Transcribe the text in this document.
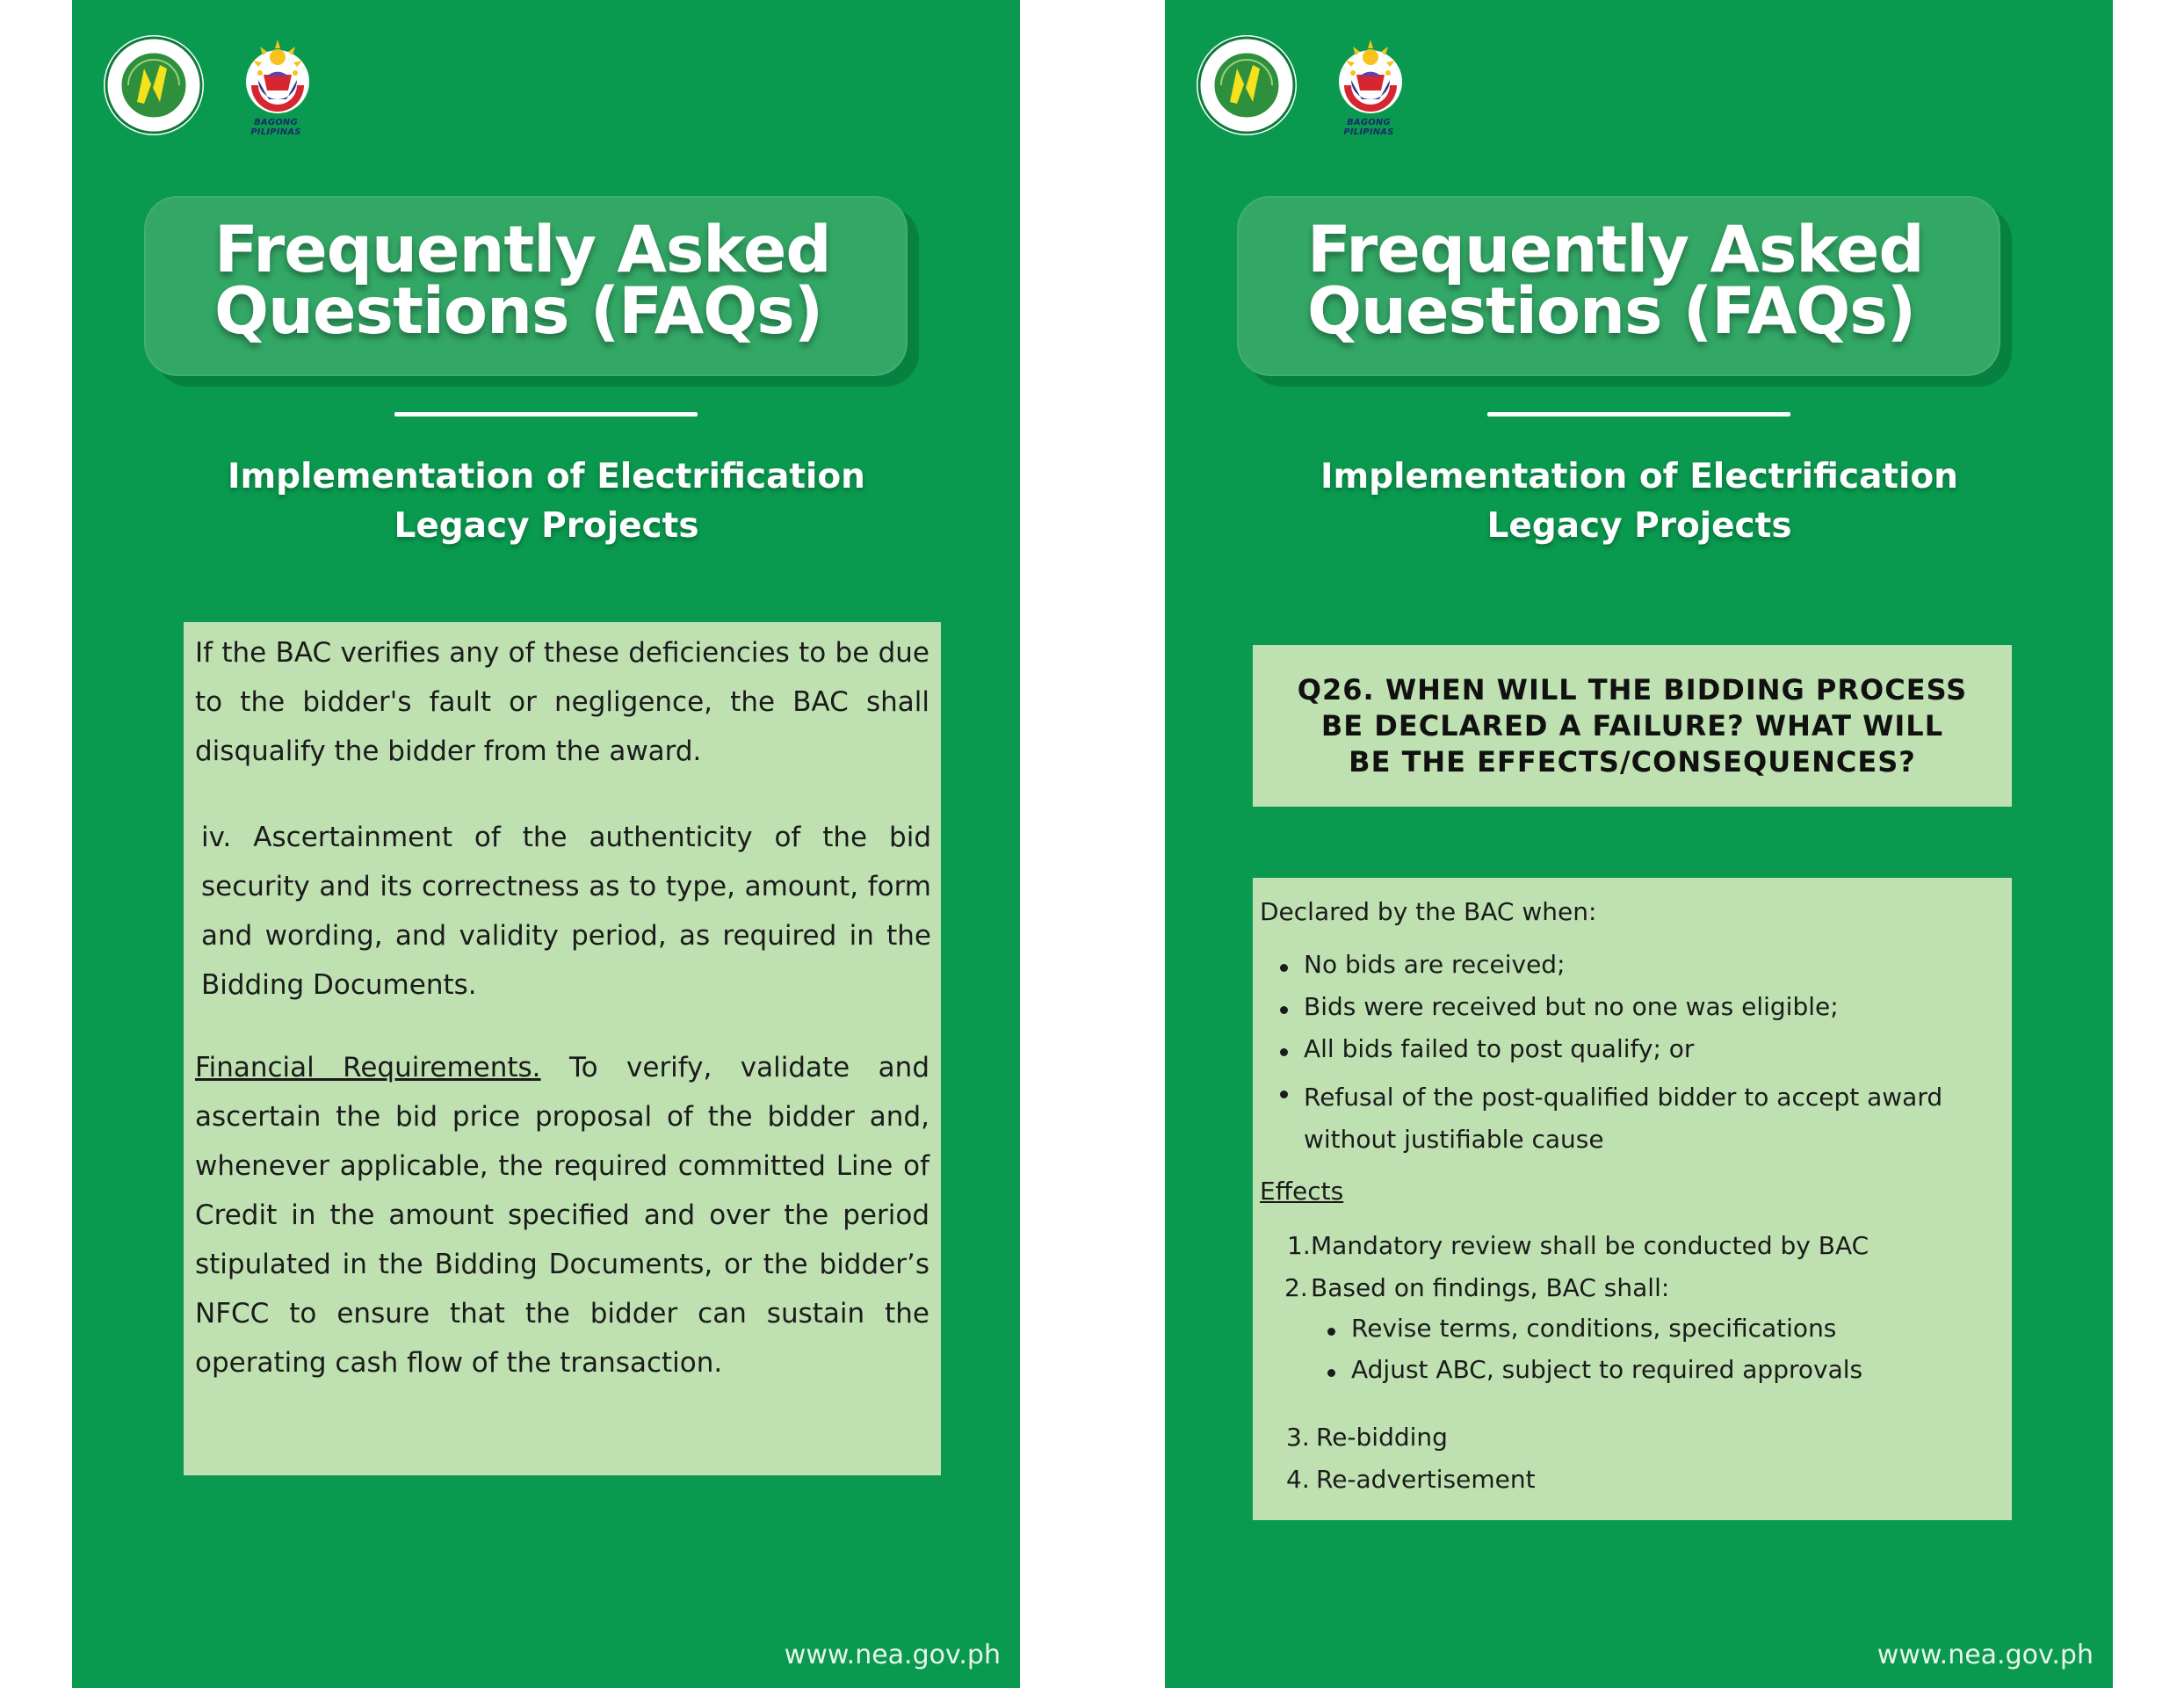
BAGONG PILIPINAS
Frequently Asked
Questions (FAQs)
Implementation of Electrification
Legacy Projects

If the BAC verifies any of these deficiencies to be due to the bidder's fault or negligence, the BAC shall disqualify the bidder from the award.

iv. Ascertainment of the authenticity of the bid security and its correctness as to type, amount, form and wording, and validity period, as required in the Bidding Documents.

Financial Requirements. To verify, validate and ascertain the bid price proposal of the bidder and, whenever applicable, the required committed Line of Credit in the amount specified and over the period stipulated in the Bidding Documents, or the bidder’s NFCC to ensure that the bidder can sustain the operating cash flow of the transaction.

www.nea.gov.ph
BAGONG PILIPINAS
Frequently Asked
Questions (FAQs)
Implementation of Electrification
Legacy Projects
Q26. WHEN WILL THE BIDDING PROCESS
BE DECLARED A FAILURE? WHAT WILL
BE THE EFFECTS/CONSEQUENCES?
Declared by the BAC when:
No bids are received;
Bids were received but no one was eligible;
All bids failed to post qualify; or
Refusal of the post-qualified bidder to accept award without justifiable cause
Effects
1. Mandatory review shall be conducted by BAC
2. Based on findings, BAC shall:
Revise terms, conditions, specifications
Adjust ABC, subject to required approvals
3. Re-bidding
4. Re-advertisement
www.nea.gov.ph
